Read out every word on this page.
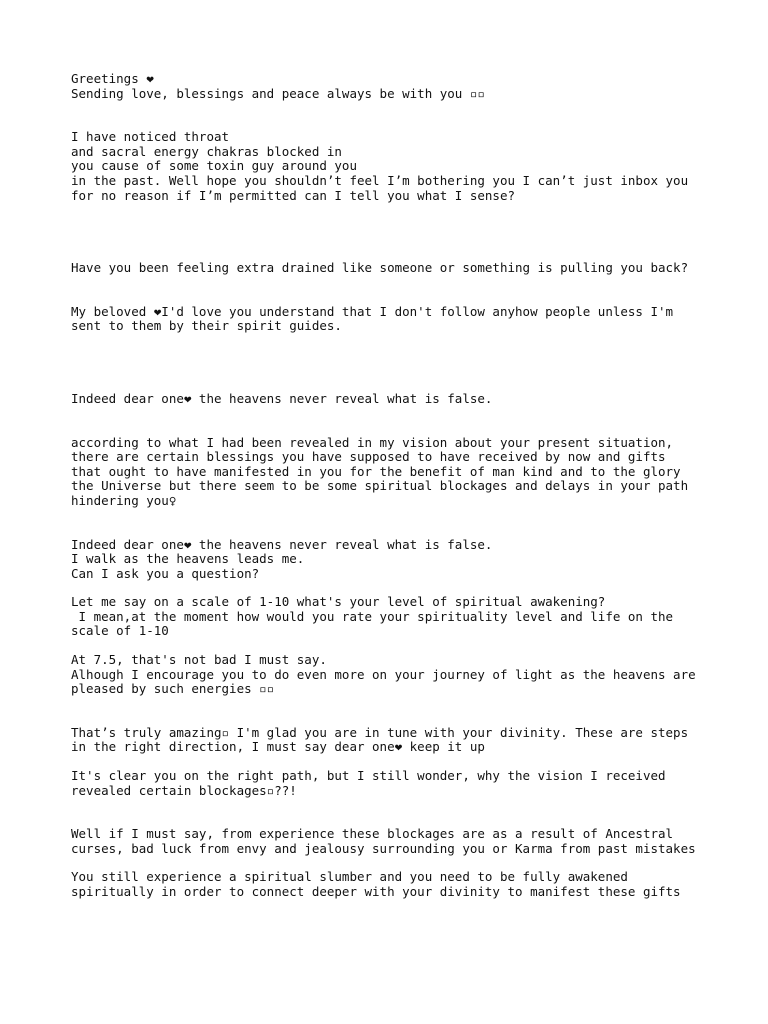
Greetings ❤
Sending love, blessings and peace always be with you ▫▫
I have noticed throat
and sacral energy chakras blocked in
you cause of some toxin guy around you
in the past. Well hope you shouldn’t feel I’m bothering you I can’t just inbox you
for no reason if I’m permitted can I tell you what I sense?
Have you been feeling extra drained like someone or something is pulling you back?
My beloved ❤I'd love you understand that I don't follow anyhow people unless I'm
sent to them by their spirit guides.
Indeed dear one❤ the heavens never reveal what is false.
according to what I had been revealed in my vision about your present situation,
there are certain blessings you have supposed to have received by now and gifts
that ought to have manifested in you for the benefit of man kind and to the glory
the Universe but there seem to be some spiritual blockages and delays in your path
hindering you♀
Indeed dear one❤ the heavens never reveal what is false.
I walk as the heavens leads me.
Can I ask you a question?
Let me say on a scale of 1-10 what's your level of spiritual awakening?
I mean,at the moment how would you rate your spirituality level and life on the
scale of 1-10
At 7.5, that's not bad I must say.
Alhough I encourage you to do even more on your journey of light as the heavens are
pleased by such energies ▫▫
That’s truly amazing▫ I'm glad you are in tune with your divinity. These are steps
in the right direction, I must say dear one❤ keep it up
It's clear you on the right path, but I still wonder, why the vision I received
revealed certain blockages▫??!
Well if I must say, from experience these blockages are as a result of Ancestral
curses, bad luck from envy and jealousy surrounding you or Karma from past mistakes
You still experience a spiritual slumber and you need to be fully awakened
spiritually in order to connect deeper with your divinity to manifest these gifts
